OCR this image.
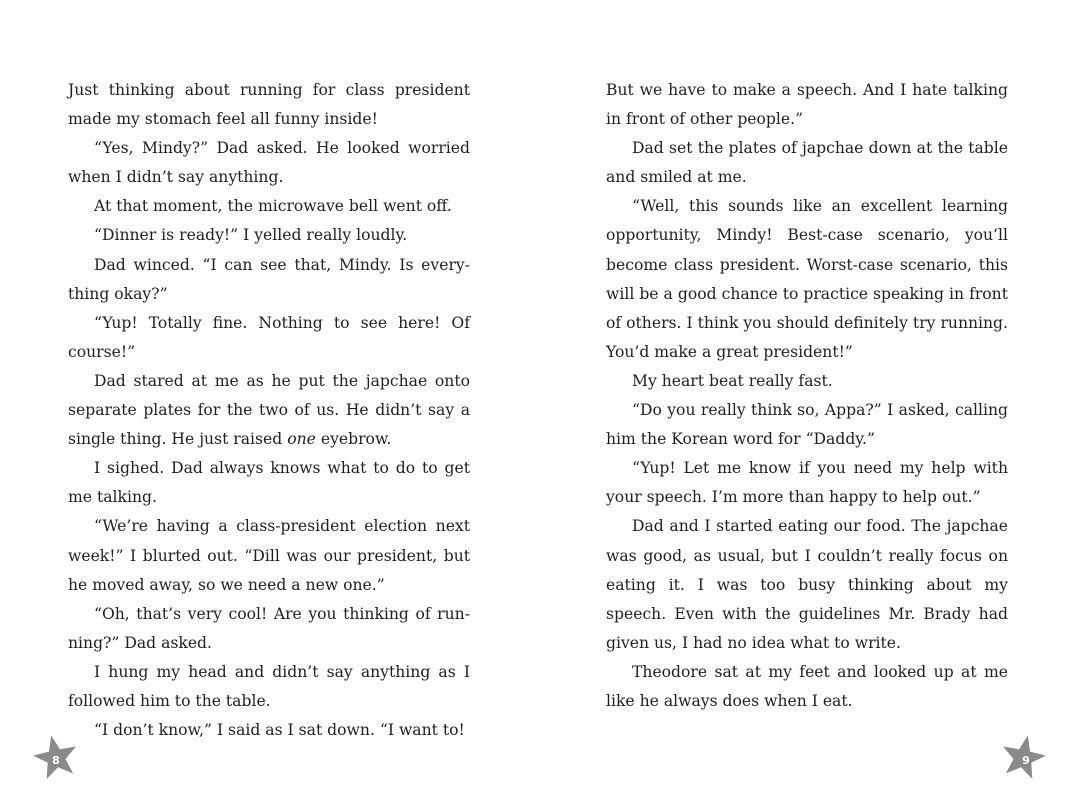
Just thinking about running for class president made my stomach feel all funny inside!

“Yes, Mindy?” Dad asked. He looked worried when I didn’t say anything.

At that moment, the microwave bell went off.

“Dinner is ready!” I yelled really loudly.

Dad winced. “I can see that, Mindy. Is everything okay?”

“Yup! Totally fine. Nothing to see here! Of course!”

Dad stared at me as he put the japchae onto separate plates for the two of us. He didn’t say a single thing. He just raised one eyebrow.

I sighed. Dad always knows what to do to get me talking.

“We’re having a class-president election next week!” I blurted out. “Dill was our president, but he moved away, so we need a new one.”

“Oh, that’s very cool! Are you thinking of running?” Dad asked.

I hung my head and didn’t say anything as I followed him to the table.

“I don’t know,” I said as I sat down. “I want to!

But we have to make a speech. And I hate talking in front of other people.”

Dad set the plates of japchae down at the table and smiled at me.

“Well, this sounds like an excellent learning opportunity, Mindy! Best-case scenario, you’ll become class president. Worst-case scenario, this will be a good chance to practice speaking in front of others. I think you should definitely try running. You’d make a great president!”

My heart beat really fast.

“Do you really think so, Appa?” I asked, calling him the Korean word for “Daddy.”

“Yup! Let me know if you need my help with your speech. I’m more than happy to help out.”

Dad and I started eating our food. The japchae was good, as usual, but I couldn’t really focus on eating it. I was too busy thinking about my speech. Even with the guidelines Mr. Brady had given us, I had no idea what to write.

Theodore sat at my feet and looked up at me like he always does when I eat.

8	9
